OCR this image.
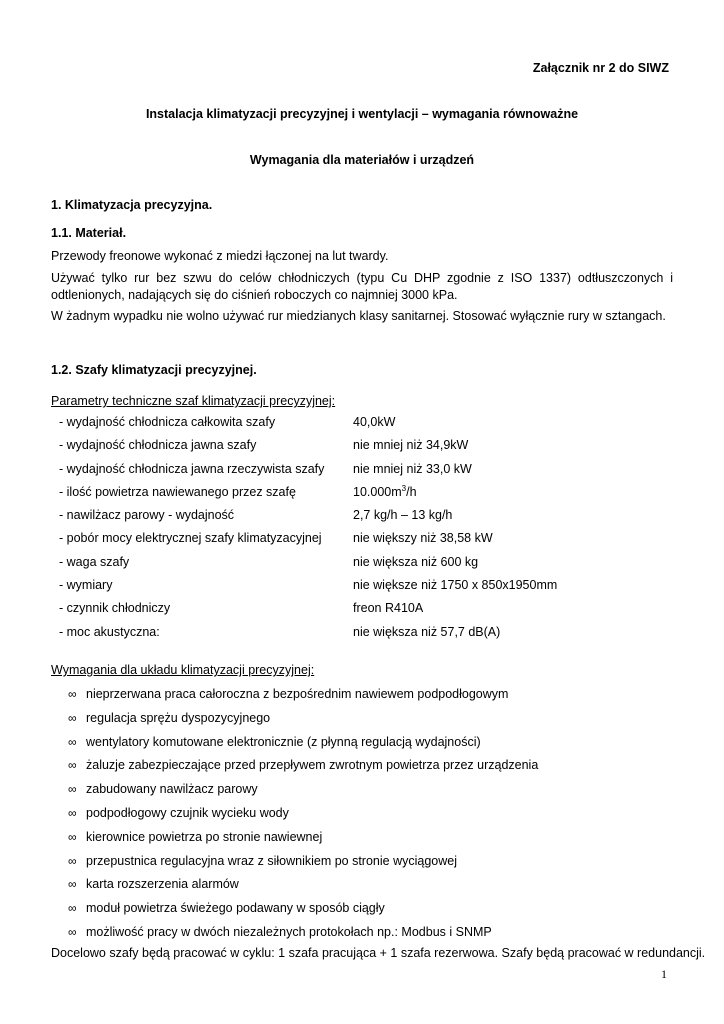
Załącznik nr 2 do SIWZ
Instalacja klimatyzacji precyzyjnej i wentylacji – wymagania równoważne
Wymagania dla materiałów i urządzeń
1. Klimatyzacja precyzyjna.
1.1. Materiał.
Przewody freonowe wykonać z miedzi łączonej na lut twardy.
Używać tylko rur bez szwu do celów chłodniczych (typu Cu DHP zgodnie z ISO 1337) odtłuszczonych i odtlenionych, nadających się do ciśnień roboczych co najmniej 3000 kPa.
W żadnym wypadku nie wolno używać rur miedzianych klasy sanitarnej. Stosować wyłącznie rury w sztangach.
1.2. Szafy klimatyzacji precyzyjnej.
Parametry techniczne szaf klimatyzacji precyzyjnej:
- wydajność chłodnicza całkowita szafy	40,0kW
- wydajność chłodnicza jawna szafy	nie mniej niż 34,9kW
- wydajność chłodnicza jawna rzeczywista szafy nie mniej niż 33,0 kW
- ilość powietrza nawiewanego przez szafę	$10.000m^3/h$
- nawilżacz parowy - wydajność	2,7 kg/h – 13 kg/h
- pobór mocy elektrycznej szafy klimatyzacyjnej	nie większy niż 38,58 kW
- waga szafy	nie większa niż 600 kg
- wymiary	nie większe niż 1750 x 850x1950mm
- czynnik chłodniczy	freon R410A
- moc akustyczna:	nie większa niż 57,7 dB(A)
Wymagania dla układu klimatyzacji precyzyjnej:
∞ nieprzerwana praca całoroczna z bezpośrednim nawiewem podpodłogowym
∞ regulacja sprężu dyspozycyjnego
∞ wentylatory komutowane elektronicznie (z płynną regulacją wydajności)
∞ żaluzje zabezpieczające przed przepływem zwrotnym powietrza przez urządzenia
∞ zabudowany nawilżacz parowy
∞ podpodłogowy czujnik wycieku wody
∞ kierownice powietrza po stronie nawiewnej
∞ przepustnica regulacyjna wraz z siłownikiem po stronie wyciągowej
∞ karta rozszerzenia alarmów
∞ moduł powietrza świeżego podawany w sposób ciągły
∞ możliwość pracy w dwóch niezależnych protokołach np.: Modbus i SNMP
Docelowo szafy będą pracować w cyklu: 1 szafa pracująca + 1 szafa rezerwowa. Szafy będą pracować w redundancji.
1
